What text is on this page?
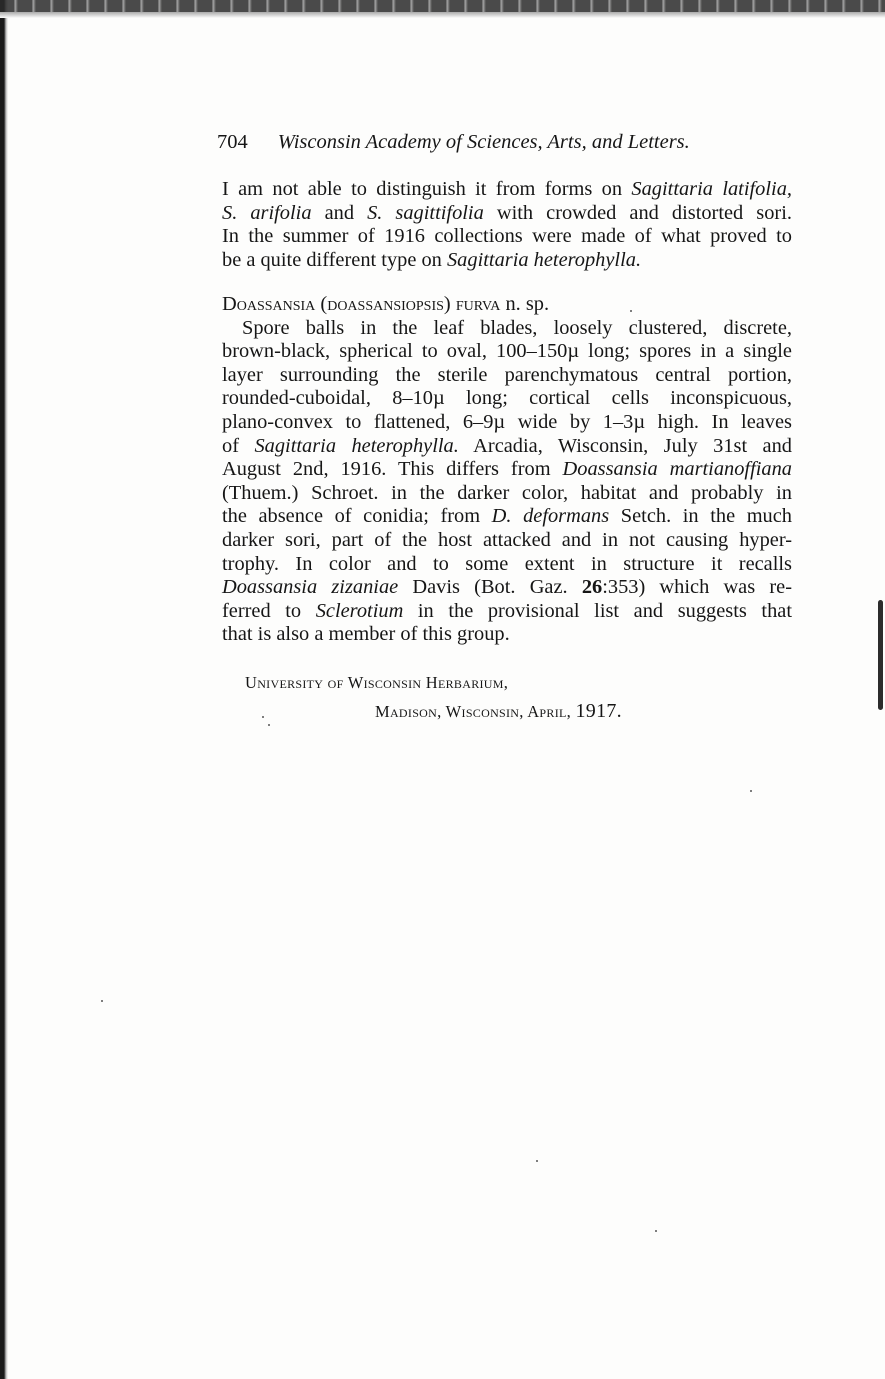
704 Wisconsin Academy of Sciences, Arts, and Letters.
I am not able to distinguish it from forms on Sagittaria latifolia,
S. arifolia and S. sagittifolia with crowded and distorted sori.
In the summer of 1916 collections were made of what proved to
be a quite different type on Sagittaria heterophylla.
Doassansia (doassansiopsis) furva n. sp.
Spore balls in the leaf blades, loosely clustered, discrete,
brown-black, spherical to oval, 100–150µ long; spores in a single
layer surrounding the sterile parenchymatous central portion,
rounded-cuboidal, 8–10µ long; cortical cells inconspicuous,
plano-convex to flattened, 6–9µ wide by 1–3µ high. In leaves
of Sagittaria heterophylla. Arcadia, Wisconsin, July 31st and
August 2nd, 1916. This differs from Doassansia martianoffiana
(Thuem.) Schroet. in the darker color, habitat and probably in
the absence of conidia; from D. deformans Setch. in the much
darker sori, part of the host attacked and in not causing hyper-
trophy. In color and to some extent in structure it recalls
Doassansia zizaniae Davis (Bot. Gaz. 26:353) which was re-
ferred to Sclerotium in the provisional list and suggests that
that is also a member of this group.
University of Wisconsin Herbarium,
Madison, Wisconsin, April, 1917.
